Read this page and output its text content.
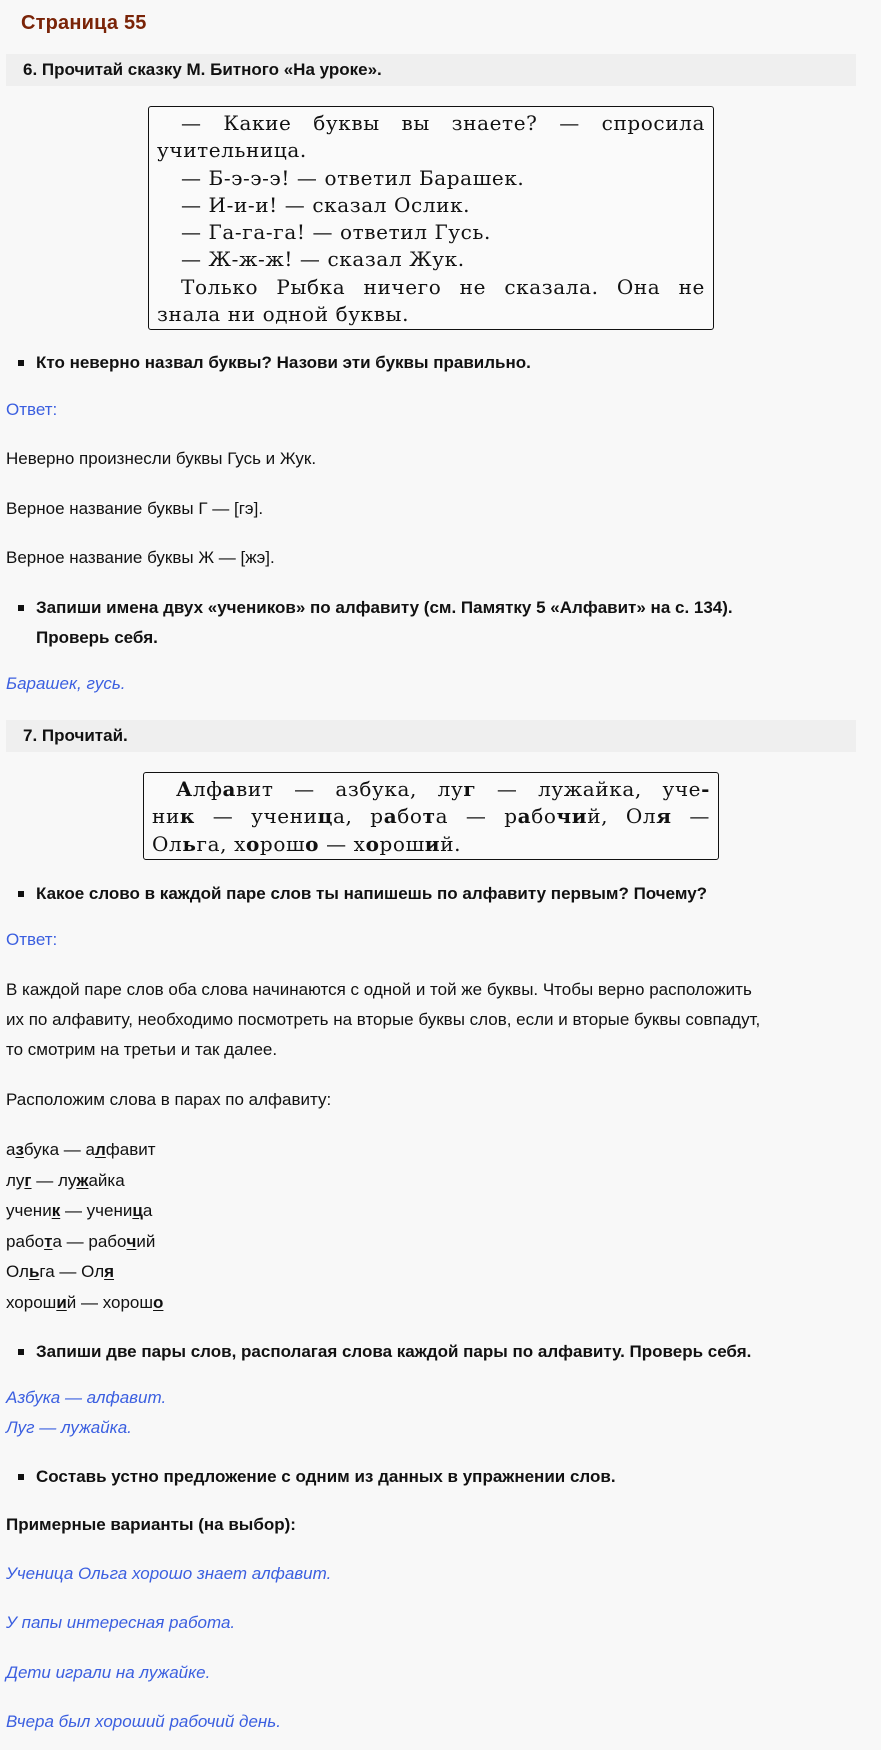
Страница 55
6. Прочитай сказку М. Битного «На уроке».
— Какие буквы вы знаете? — спросила
учительница.
— Б-э-э-э! — ответил Барашек.
— И-и-и! — сказал Ослик.
— Га-га-га! — ответил Гусь.
— Ж-ж-ж! — сказал Жук.
Только Рыбка ничего не сказала. Она не
знала ни одной буквы.
Кто неверно назвал буквы? Назови эти буквы правильно.
Ответ:
Неверно произнесли буквы Гусь и Жук.
Верное название буквы Г — [гэ].
Верное название буквы Ж — [жэ].
Запиши имена двух «учеников» по алфавиту (см. Памятку 5 «Алфавит» на с. 134).
Проверь себя.
Барашек, гусь.
7. Прочитай.
Алфавит — азбука, луг — лужайка, уче-
ник — ученица, работа — рабочий, Оля —
Ольга, хорошо — хороший.
Какое слово в каждой паре слов ты напишешь по алфавиту первым? Почему?
Ответ:
В каждой паре слов оба слова начинаются с одной и той же буквы. Чтобы верно расположить
их по алфавиту, необходимо посмотреть на вторые буквы слов, если и вторые буквы совпадут,
то смотрим на третьи и так далее.
Расположим слова в парах по алфавиту:
азбука — алфавит
луг — лужайка
ученик — ученица
работа — рабочий
Ольга — Оля
хороший — хорошо
Запиши две пары слов, располагая слова каждой пары по алфавиту. Проверь себя.
Азбука — алфавит.
Луг — лужайка.
Составь устно предложение с одним из данных в упражнении слов.
Примерные варианты (на выбор):
Ученица Ольга хорошо знает алфавит.
У папы интересная работа.
Дети играли на лужайке.
Вчера был хороший рабочий день.
